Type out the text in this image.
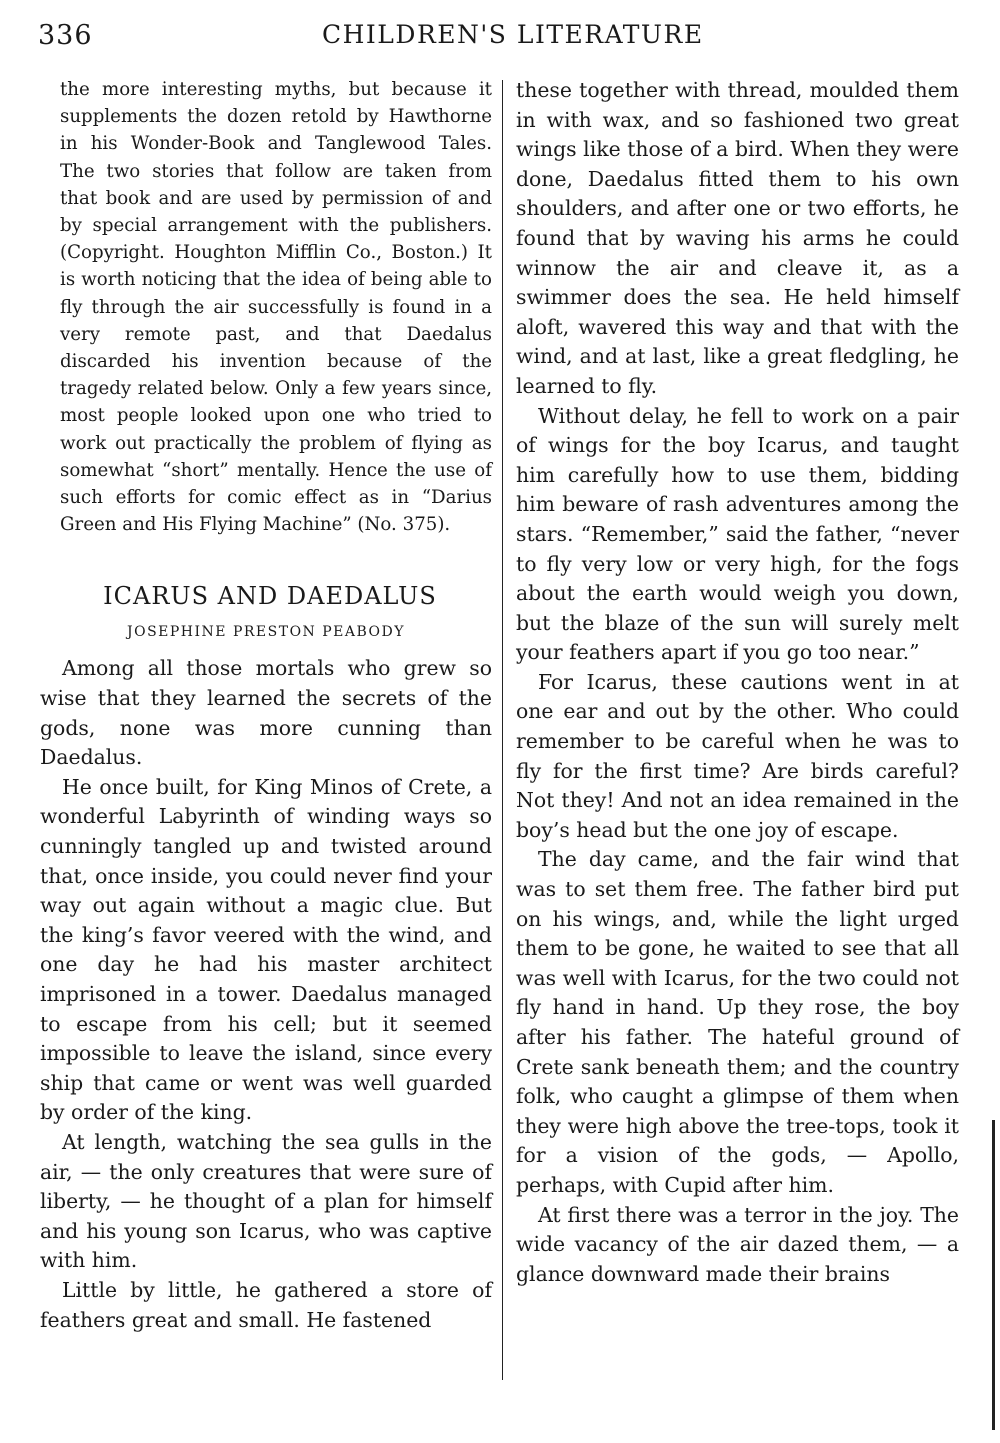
336	CHILDREN'S LITERATURE

the more interesting myths, but because it supplements the dozen retold by Hawthorne in his Wonder-Book and Tanglewood Tales. The two stories that follow are taken from that book and are used by permission of and by special arrangement with the publishers. (Copyright. Houghton Mifflin Co., Boston.) It is worth noticing that the idea of being able to fly through the air successfully is found in a very remote past, and that Daedalus discarded his invention because of the tragedy related below. Only a few years since, most people looked upon one who tried to work out practically the problem of flying as somewhat “short” mentally. Hence the use of such efforts for comic effect as in “Darius Green and His Flying Machine” (No. 375).

ICARUS AND DAEDALUS
JOSEPHINE PRESTON PEABODY

Among all those mortals who grew so wise that they learned the secrets of the gods, none was more cunning than Daedalus.

He once built, for King Minos of Crete, a wonderful Labyrinth of winding ways so cunningly tangled up and twisted around that, once inside, you could never find your way out again without a magic clue. But the king’s favor veered with the wind, and one day he had his master architect imprisoned in a tower. Daedalus managed to escape from his cell; but it seemed impossible to leave the island, since every ship that came or went was well guarded by order of the king.

At length, watching the sea gulls in the air, — the only creatures that were sure of liberty, — he thought of a plan for himself and his young son Icarus, who was captive with him.

Little by little, he gathered a store of feathers great and small. He fastened

these together with thread, moulded them in with wax, and so fashioned two great wings like those of a bird. When they were done, Daedalus fitted them to his own shoulders, and after one or two efforts, he found that by waving his arms he could winnow the air and cleave it, as a swimmer does the sea. He held himself aloft, wavered this way and that with the wind, and at last, like a great fledgling, he learned to fly.

Without delay, he fell to work on a pair of wings for the boy Icarus, and taught him carefully how to use them, bidding him beware of rash adventures among the stars. “Remember,” said the father, “never to fly very low or very high, for the fogs about the earth would weigh you down, but the blaze of the sun will surely melt your feathers apart if you go too near.”

For Icarus, these cautions went in at one ear and out by the other. Who could remember to be careful when he was to fly for the first time? Are birds careful? Not they! And not an idea remained in the boy’s head but the one joy of escape.

The day came, and the fair wind that was to set them free. The father bird put on his wings, and, while the light urged them to be gone, he waited to see that all was well with Icarus, for the two could not fly hand in hand. Up they rose, the boy after his father. The hateful ground of Crete sank beneath them; and the country folk, who caught a glimpse of them when they were high above the tree-tops, took it for a vision of the gods, — Apollo, perhaps, with Cupid after him.

At first there was a terror in the joy. The wide vacancy of the air dazed them, — a glance downward made their brains
